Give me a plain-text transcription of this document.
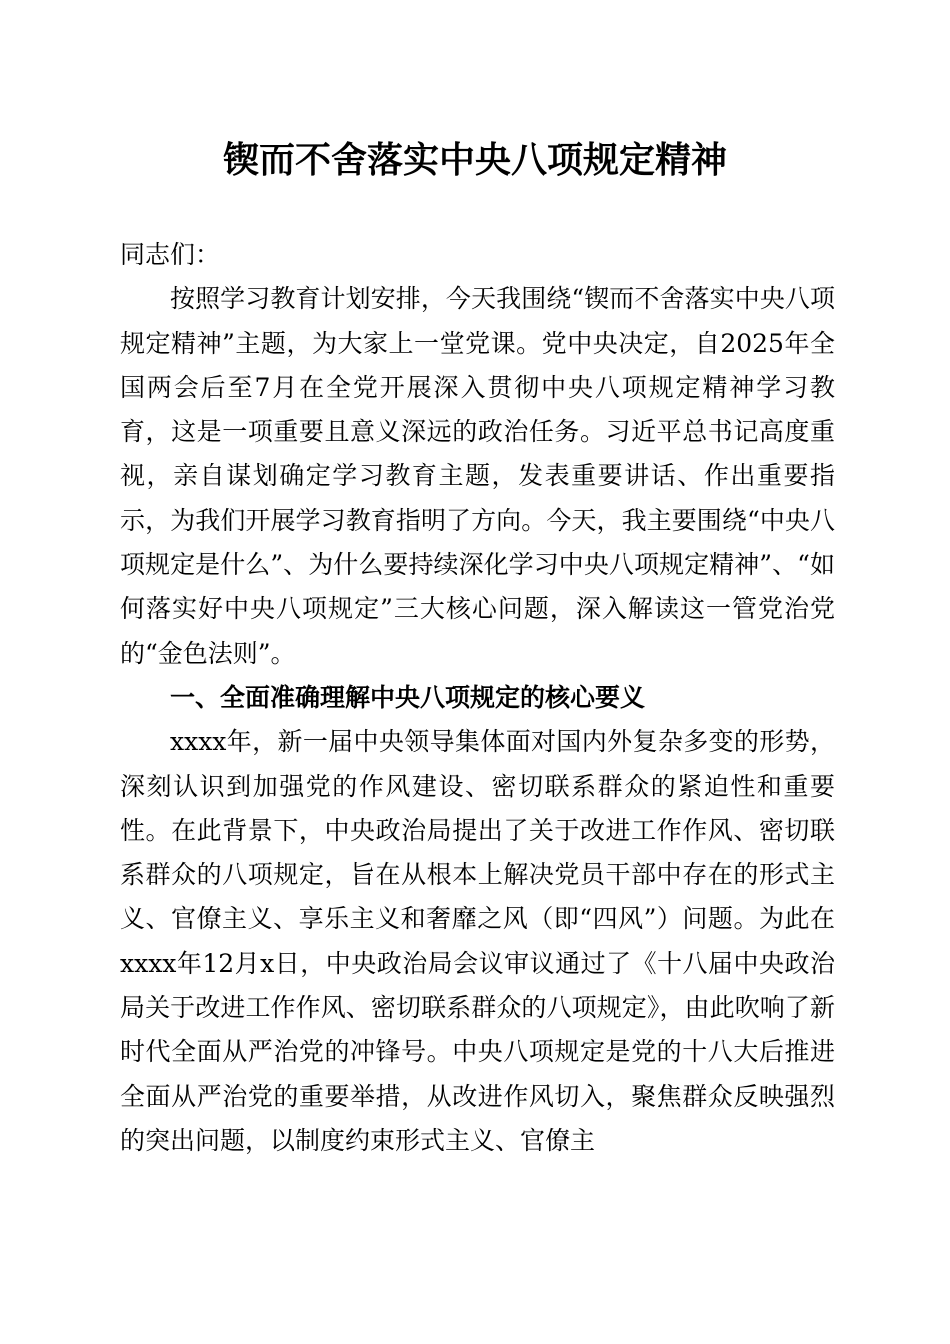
锲而不舍落实中央八项规定精神

同志们：

按照学习教育计划安排，今天我围绕“锲而不舍落实中央八项规定精神”主题，为大家上一堂党课。党中央决定，自2025年全国两会后至7月在全党开展深入贯彻中央八项规定精神学习教育，这是一项重要且意义深远的政治任务。习近平总书记高度重视，亲自谋划确定学习教育主题，发表重要讲话、作出重要指示，为我们开展学习教育指明了方向。今天，我主要围绕“中央八项规定是什么”、为什么要持续深化学习中央八项规定精神”、“如何落实好中央八项规定”三大核心问题，深入解读这一管党治党的“金色法则”。

一、全面准确理解中央八项规定的核心要义

xxxx年，新一届中央领导集体面对国内外复杂多变的形势，深刻认识到加强党的作风建设、密切联系群众的紧迫性和重要性。在此背景下，中央政治局提出了关于改进工作作风、密切联系群众的八项规定，旨在从根本上解决党员干部中存在的形式主义、官僚主义、享乐主义和奢靡之风（即“四风”）问题。为此在xxxx年12月x日，中央政治局会议审议通过了《十八届中央政治局关于改进工作作风、密切联系群众的八项规定》，由此吹响了新时代全面从严治党的冲锋号。中央八项规定是党的十八大后推进全面从严治党的重要举措，从改进作风切入，聚焦群众反映强烈的突出问题，以制度约束形式主义、官僚主
